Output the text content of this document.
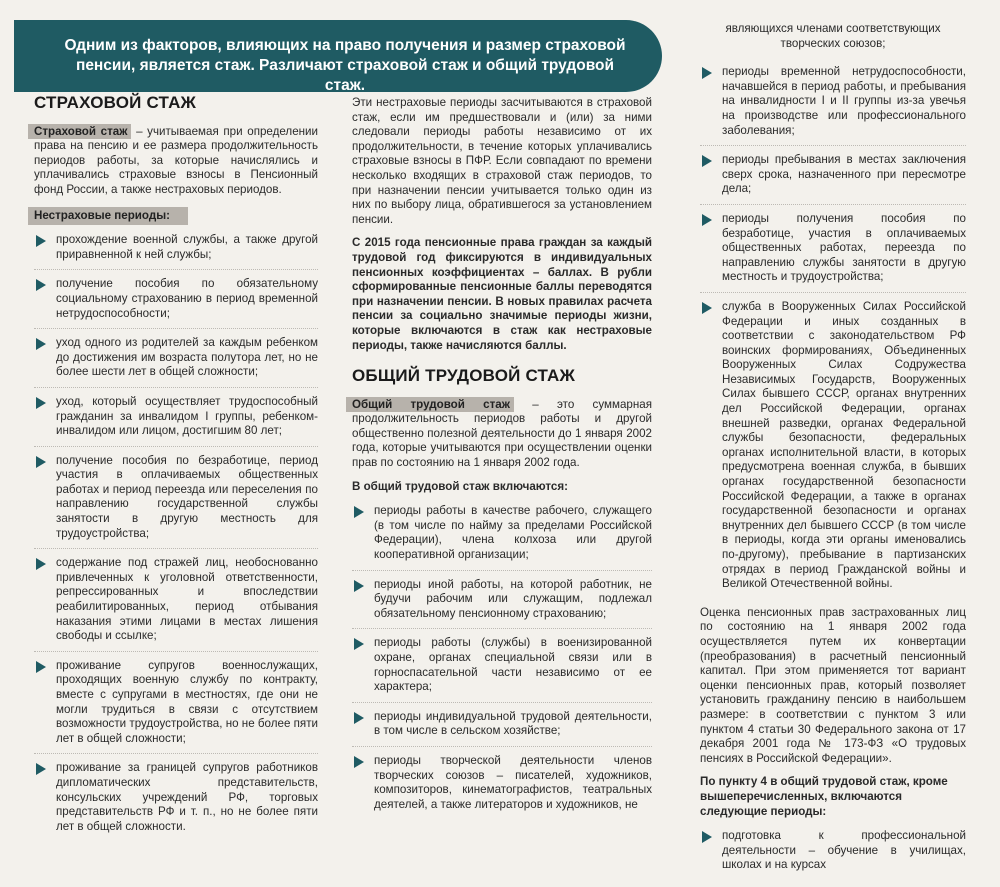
Одним из факторов, влияющих на право получения и размер страховой пенсии, является стаж. Различают страховой стаж и общий трудовой стаж.
СТРАХОВОЙ СТАЖ

Страховой стаж – учитываемая при определении права на пенсию и ее размера продолжительность периодов работы, за которые начислялись и уплачивались страховые взносы в Пенсионный фонд России, а также нестраховых периодов.

Нестраховые периоды:
прохождение военной службы, а также другой приравненной к ней службы;
получение пособия по обязательному социальному страхованию в период временной нетрудоспособности;
уход одного из родителей за каждым ребенком до достижения им возраста полутора лет, но не более шести лет в общей сложности;
уход, который осуществляет трудоспособный гражданин за инвалидом I группы, ребенком-инвалидом или лицом, достигшим 80 лет;
получение пособия по безработице, период участия в оплачиваемых общественных работах и период переезда или переселения по направлению государственной службы занятости в другую местность для трудоустройства;
содержание под стражей лиц, необоснованно привлеченных к уголовной ответственности, репрессированных и впоследствии реабилитированных, период отбывания наказания этими лицами в местах лишения свободы и ссылке;
проживание супругов военнослужащих, проходящих военную службу по контракту, вместе с супругами в местностях, где они не могли трудиться в связи с отсутствием возможности трудоустройства, но не более пяти лет в общей сложности;
проживание за границей супругов работников дипломатических представительств, консульских учреждений РФ, торговых представительств РФ и т. п., но не более пяти лет в общей сложности.

Эти нестраховые периоды засчитываются в страховой стаж, если им предшествовали и (или) за ними следовали периоды работы независимо от их продолжительности, в течение которых уплачивались страховые взносы в ПФР. Если совпадают по времени несколько входящих в страховой стаж периодов, то при назначении пенсии учитывается только один из них по выбору лица, обратившегося за установлением пенсии.

С 2015 года пенсионные права граждан за каждый трудовой год фиксируются в индивидуальных пенсионных коэффициентах – баллах. В рубли сформированные пенсионные баллы переводятся при назначении пенсии. В новых правилах расчета пенсии за социально значимые периоды жизни, которые включаются в стаж как нестраховые периоды, также начисляются баллы.

ОБЩИЙ ТРУДОВОЙ СТАЖ

Общий трудовой стаж – это суммарная продолжительность периодов работы и другой общественно полезной деятельности до 1 января 2002 года, которые учитываются при осуществлении оценки прав по состоянию на 1 января 2002 года.

В общий трудовой стаж включаются:
периоды работы в качестве рабочего, служащего (в том числе по найму за пределами Российской Федерации), члена колхоза или другой кооперативной организации;
периоды иной работы, на которой работник, не будучи рабочим или служащим, подлежал обязательному пенсионному страхованию;
периоды работы (службы) в военизированной охране, органах специальной связи или в горноспасательной части независимо от ее характера;
периоды индивидуальной трудовой деятельности, в том числе в сельском хозяйстве;
периоды творческой деятельности членов творческих союзов – писателей, художников, композиторов, кинематографистов, театральных деятелей, а также литераторов и художников, не

являющихся членами соответствующих творческих союзов;

периоды временной нетрудоспособности, начавшейся в период работы, и пребывания на инвалидности I и II группы из-за увечья на производстве или профессионального заболевания;
периоды пребывания в местах заключения сверх срока, назначенного при пересмотре дела;
периоды получения пособия по безработице, участия в оплачиваемых общественных работах, переезда по направлению службы занятости в другую местность и трудоустройства;
служба в Вооруженных Силах Российской Федерации и иных созданных в соответствии с законодательством РФ воинских формированиях, Объединенных Вооруженных Силах Содружества Независимых Государств, Вооруженных Силах бывшего СССР, органах внутренних дел Российской Федерации, органах внешней разведки, органах Федеральной службы безопасности, федеральных органах исполнительной власти, в которых предусмотрена военная служба, в бывших органах государственной безопасности Российской Федерации, а также в органах государственной безопасности и органах внутренних дел бывшего СССР (в том числе в периоды, когда эти органы именовались по-другому), пребывание в партизанских отрядах в период Гражданской войны и Великой Отечественной войны.

Оценка пенсионных прав застрахованных лиц по состоянию на 1 января 2002 года осуществляется путем их конвертации (преобразования) в расчетный пенсионный капитал. При этом применяется тот вариант оценки пенсионных прав, который позволяет установить гражданину пенсию в наибольшем размере: в соответствии с пунктом 3 или пунктом 4 статьи 30 Федерального закона от 17 декабря 2001 года № 173-ФЗ «О трудовых пенсиях в Российской Федерации».

По пункту 4 в общий трудовой стаж, кроме вышеперечисленных, включаются следующие периоды:
подготовка к профессиональной деятельности – обучение в училищах, школах и на курсах
